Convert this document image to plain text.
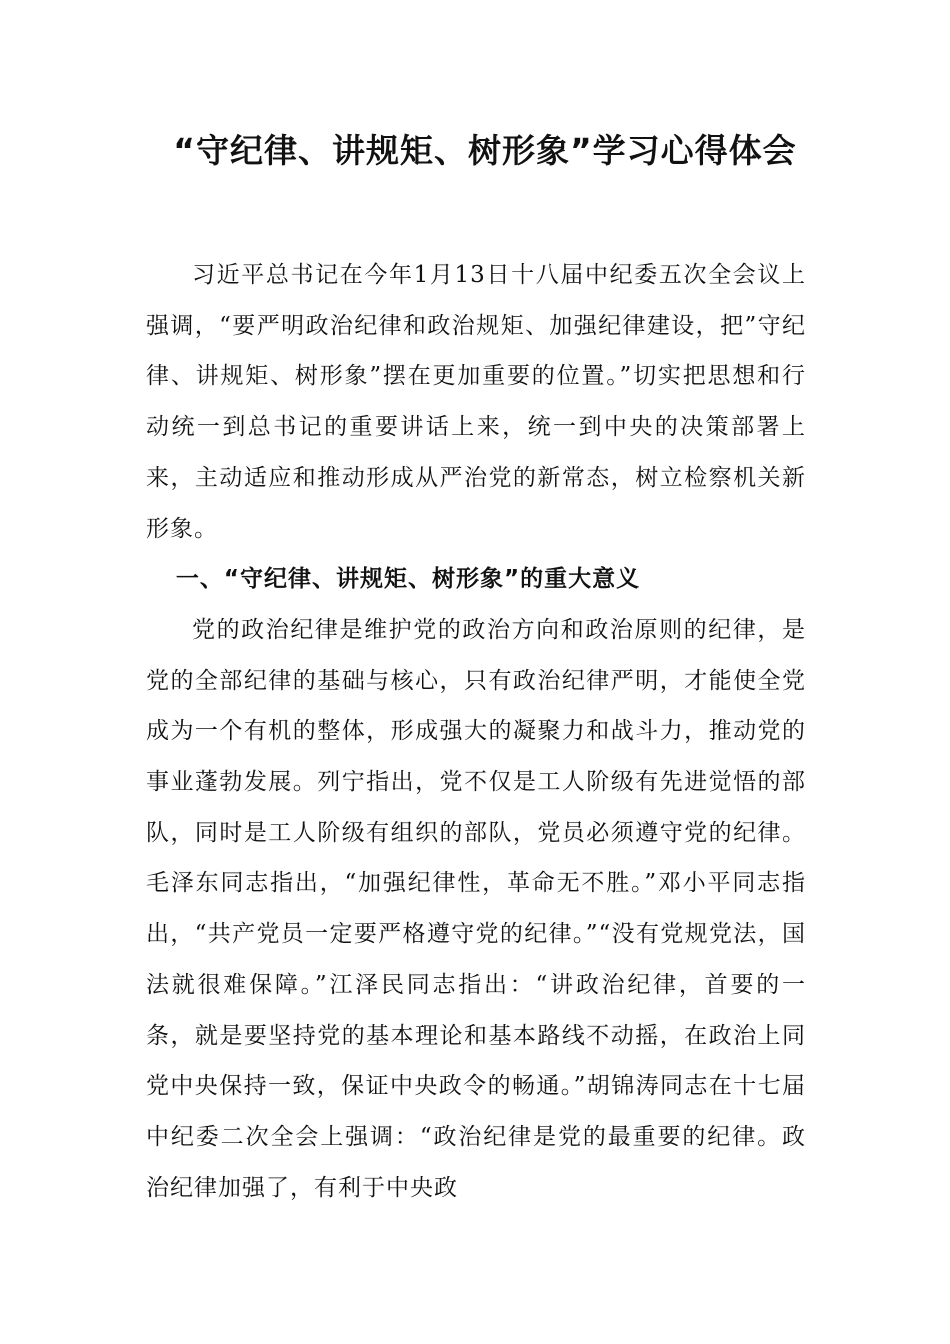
“守纪律、讲规矩、树形象”学习心得体会

习近平总书记在今年1月13日十八届中纪委五次全会议上强调，“要严明政治纪律和政治规矩、加强纪律建设，把”守纪律、讲规矩、树形象”摆在更加重要的位置。”切实把思想和行动统一到总书记的重要讲话上来，统一到中央的决策部署上来，主动适应和推动形成从严治党的新常态，树立检察机关新形象。

一、“守纪律、讲规矩、树形象”的重大意义

党的政治纪律是维护党的政治方向和政治原则的纪律，是党的全部纪律的基础与核心，只有政治纪律严明，才能使全党成为一个有机的整体，形成强大的凝聚力和战斗力，推动党的事业蓬勃发展。列宁指出，党不仅是工人阶级有先进觉悟的部队，同时是工人阶级有组织的部队，党员必须遵守党的纪律。毛泽东同志指出，“加强纪律性，革命无不胜。”邓小平同志指出，“共产党员一定要严格遵守党的纪律。”“没有党规党法，国法就很难保障。”江泽民同志指出：“讲政治纪律，首要的一条，就是要坚持党的基本理论和基本路线不动摇，在政治上同党中央保持一致，保证中央政令的畅通。”胡锦涛同志在十七届中纪委二次全会上强调：“政治纪律是党的最重要的纪律。政治纪律加强了，有利于中央政
